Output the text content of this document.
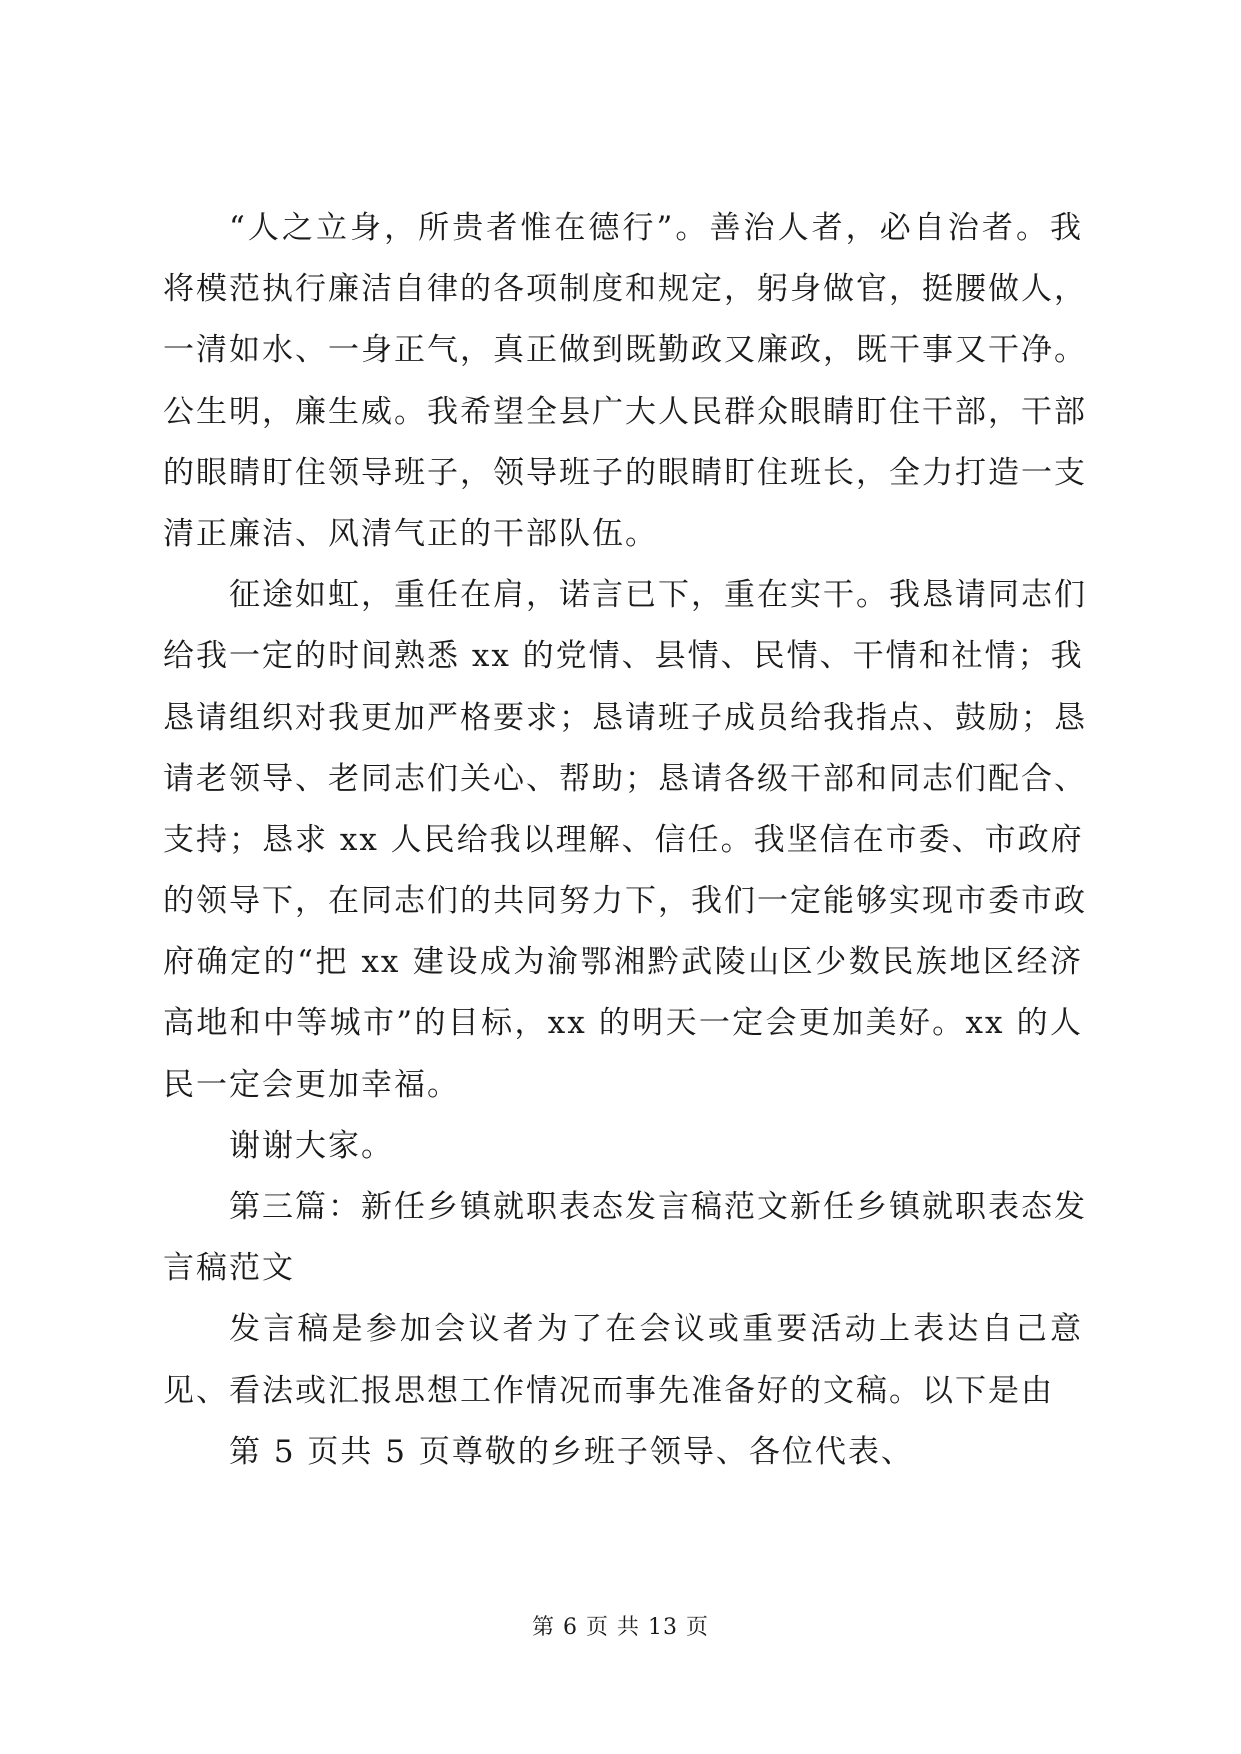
“人之立身，所贵者惟在德行”。善治人者，必自治者。我
将模范执行廉洁自律的各项制度和规定，躬身做官，挺腰做人，
一清如水、一身正气，真正做到既勤政又廉政，既干事又干净。
公生明，廉生威。我希望全县广大人民群众眼睛盯住干部，干部
的眼睛盯住领导班子，领导班子的眼睛盯住班长，全力打造一支
清正廉洁、风清气正的干部队伍。
征途如虹，重任在肩，诺言已下，重在实干。我恳请同志们
给我一定的时间熟悉 xx 的党情、县情、民情、干情和社情；我
恳请组织对我更加严格要求；恳请班子成员给我指点、鼓励；恳
请老领导、老同志们关心、帮助；恳请各级干部和同志们配合、
支持；恳求 xx 人民给我以理解、信任。我坚信在市委、市政府
的领导下，在同志们的共同努力下，我们一定能够实现市委市政
府确定的“把 xx 建设成为渝鄂湘黔武陵山区少数民族地区经济
高地和中等城市”的目标，xx 的明天一定会更加美好。xx 的人
民一定会更加幸福。
谢谢大家。
第三篇：新任乡镇就职表态发言稿范文新任乡镇就职表态发
言稿范文
发言稿是参加会议者为了在会议或重要活动上表达自己意
见、看法或汇报思想工作情况而事先准备好的文稿。以下是由
第 5 页共 5 页尊敬的乡班子领导、各位代表、
第 6 页 共 13 页
